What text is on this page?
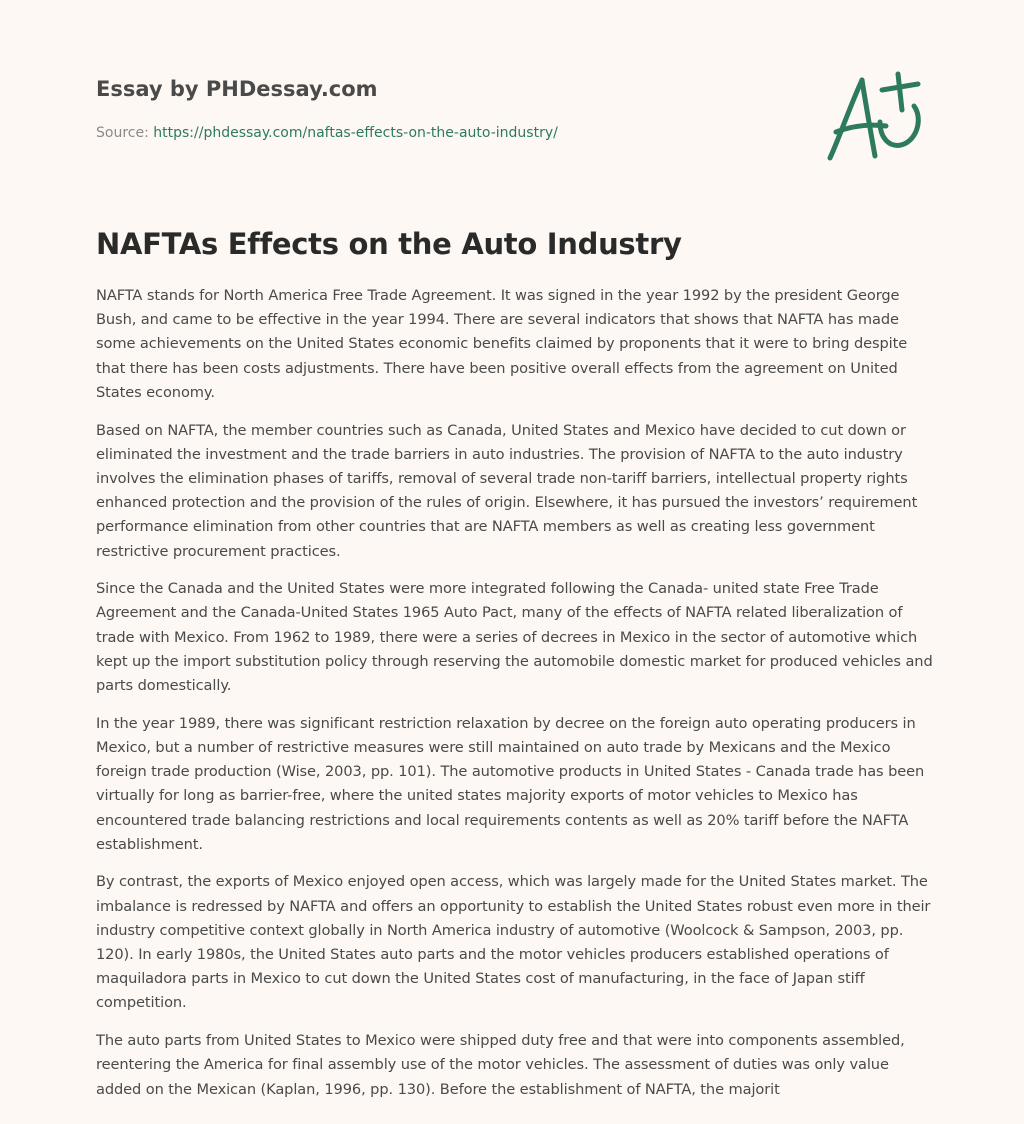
Essay by PHDessay.com
Source: https://phdessay.com/naftas-effects-on-the-auto-industry/
NAFTAs Effects on the Auto Industry

NAFTA stands for North America Free Trade Agreement. It was signed in the year 1992 by the president George Bush, and came to be effective in the year 1994. There are several indicators that shows that NAFTA has made some achievements on the United States economic benefits claimed by proponents that it were to bring despite that there has been costs adjustments. There have been positive overall effects from the agreement on United States economy.

Based on NAFTA, the member countries such as Canada, United States and Mexico have decided to cut down or eliminated the investment and the trade barriers in auto industries. The provision of NAFTA to the auto industry involves the elimination phases of tariffs, removal of several trade non-tariff barriers, intellectual property rights enhanced protection and the provision of the rules of origin. Elsewhere, it has pursued the investors’ requirement performance elimination from other countries that are NAFTA members as well as creating less government restrictive procurement practices.

Since the Canada and the United States were more integrated following the Canada- united state Free Trade Agreement and the Canada-United States 1965 Auto Pact, many of the effects of NAFTA related liberalization of trade with Mexico. From 1962 to 1989, there were a series of decrees in Mexico in the sector of automotive which kept up the import substitution policy through reserving the automobile domestic market for produced vehicles and parts domestically.

In the year 1989, there was significant restriction relaxation by decree on the foreign auto operating producers in Mexico, but a number of restrictive measures were still maintained on auto trade by Mexicans and the Mexico foreign trade production (Wise, 2003, pp. 101). The automotive products in United States - Canada trade has been virtually for long as barrier-free, where the united states majority exports of motor vehicles to Mexico has encountered trade balancing restrictions and local requirements contents as well as 20% tariff before the NAFTA establishment.

By contrast, the exports of Mexico enjoyed open access, which was largely made for the United States market. The imbalance is redressed by NAFTA and offers an opportunity to establish the United States robust even more in their industry competitive context globally in North America industry of automotive (Woolcock & Sampson, 2003, pp. 120). In early 1980s, the United States auto parts and the motor vehicles producers established operations of maquiladora parts in Mexico to cut down the United States cost of manufacturing, in the face of Japan stiff competition.

The auto parts from United States to Mexico were shipped duty free and that were into components assembled, reentering the America for final assembly use of the motor vehicles. The assessment of duties was only value added on the Mexican (Kaplan, 1996, pp. 130). Before the establishment of NAFTA, the majorit
